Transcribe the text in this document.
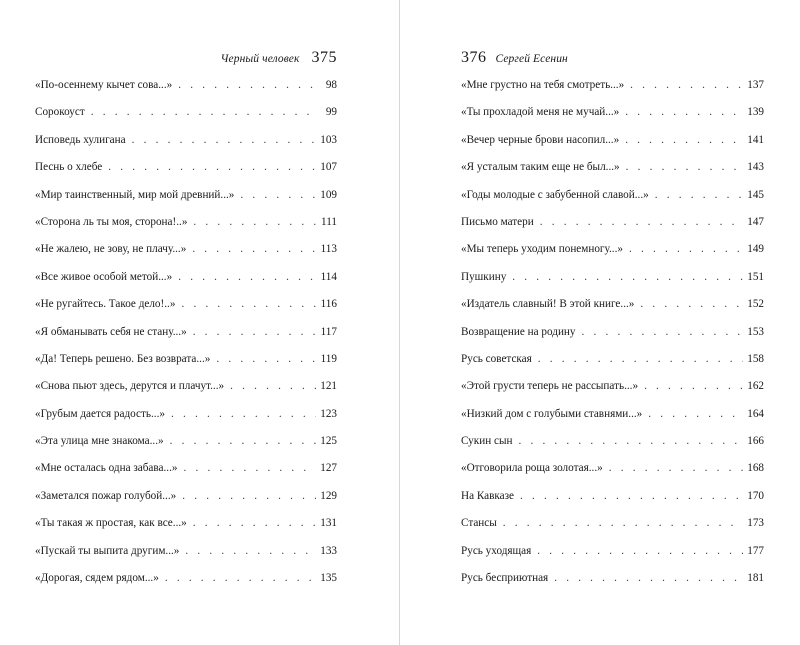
Черный человек 375
«По-осеннему кычет сова...» . . .	98
Сорокоуст . . .	99
Исповедь хулигана . . .	103
Песнь о хлебе . . .	107
«Мир таинственный, мир мой древний...» . . .	109
«Сторона ль ты моя, сторона!..» . . .	111
«Не жалею, не зову, не плачу...» . . .	113
«Все живое особой метой...» . . .	114
«Не ругайтесь. Такое дело!..» . . .	116
«Я обманывать себя не стану...» . . .	117
«Да! Теперь решено. Без возврата...» . . .	119
«Снова пьют здесь, дерутся и плачут...» . . .	121
«Грубым дается радость...» . . .	123
«Эта улица мне знакома...» . . .	125
«Мне осталась одна забава...» . . .	127
«Заметался пожар голубой...» . . .	129
«Ты такая ж простая, как все...» . . .	131
«Пускай ты выпита другим...» . . .	133
«Дорогая, сядем рядом...» . . .	135
376 Сергей Есенин
«Мне грустно на тебя смотреть...» . . .	137
«Ты прохладой меня не мучай...» . . .	139
«Вечер черные брови насопил...» . . .	141
«Я усталым таким еще не был...» . . .	143
«Годы молодые с забубенной славой...» . . .	145
Письмо матери . . .	147
«Мы теперь уходим понемногу...» . . .	149
Пушкину . . .	151
«Издатель славный! В этой книге...» . . .	152
Возвращение на родину . . .	153
Русь советская . . .	158
«Этой грусти теперь не рассыпать...» . . .	162
«Низкий дом с голубыми ставнями...» . . .	164
Сукин сын . . .	166
«Отговорила роща золотая...» . . .	168
На Кавказе . . .	170
Стансы . . .	173
Русь уходящая . . .	177
Русь бесприютная . . .	181
